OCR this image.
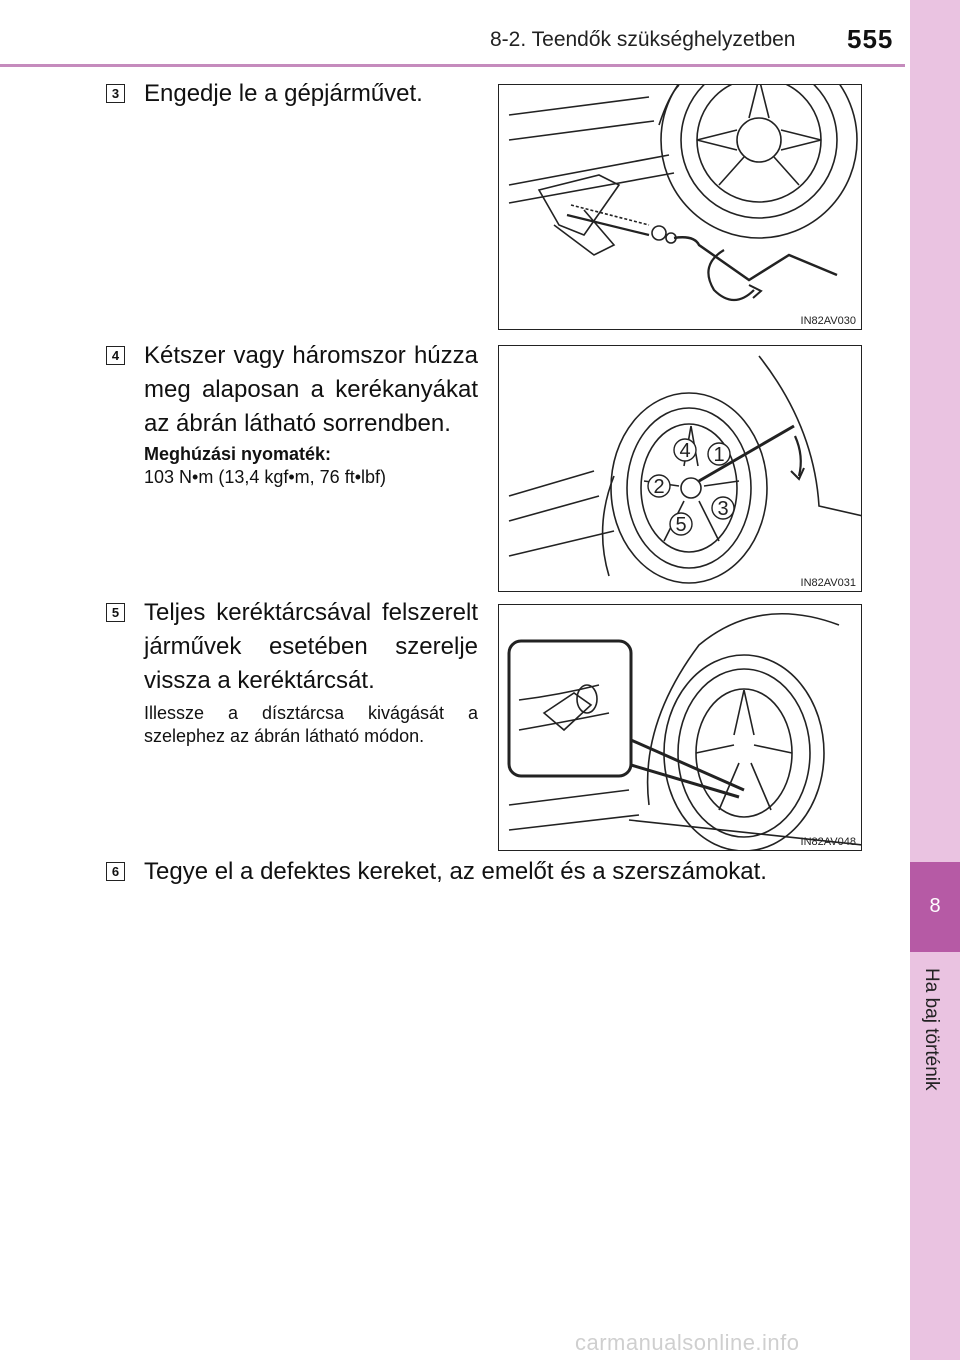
8-2. Teendők szükséghelyzetben 555
8
Ha baj történik
3 Engedje le a gépjárművet.
IN82AV030
4 Kétszer vagy háromszor húzza meg alaposan a kerékanyákat az ábrán látható sorrendben.
Meghúzási nyomaték:
103 N•m (13,4 kgf•m, 76 ft•lbf)
1
2
3
4
5
IN82AV031
5 Teljes keréktárcsával felszerelt járművek esetében szerelje vissza a keréktárcsát.
Illessze a dísztárcsa kivágását a szelephez az ábrán látható módon.
IN82AV048
6 Tegye el a defektes kereket, az emelőt és a szerszámokat.
carmanualsonline.info
